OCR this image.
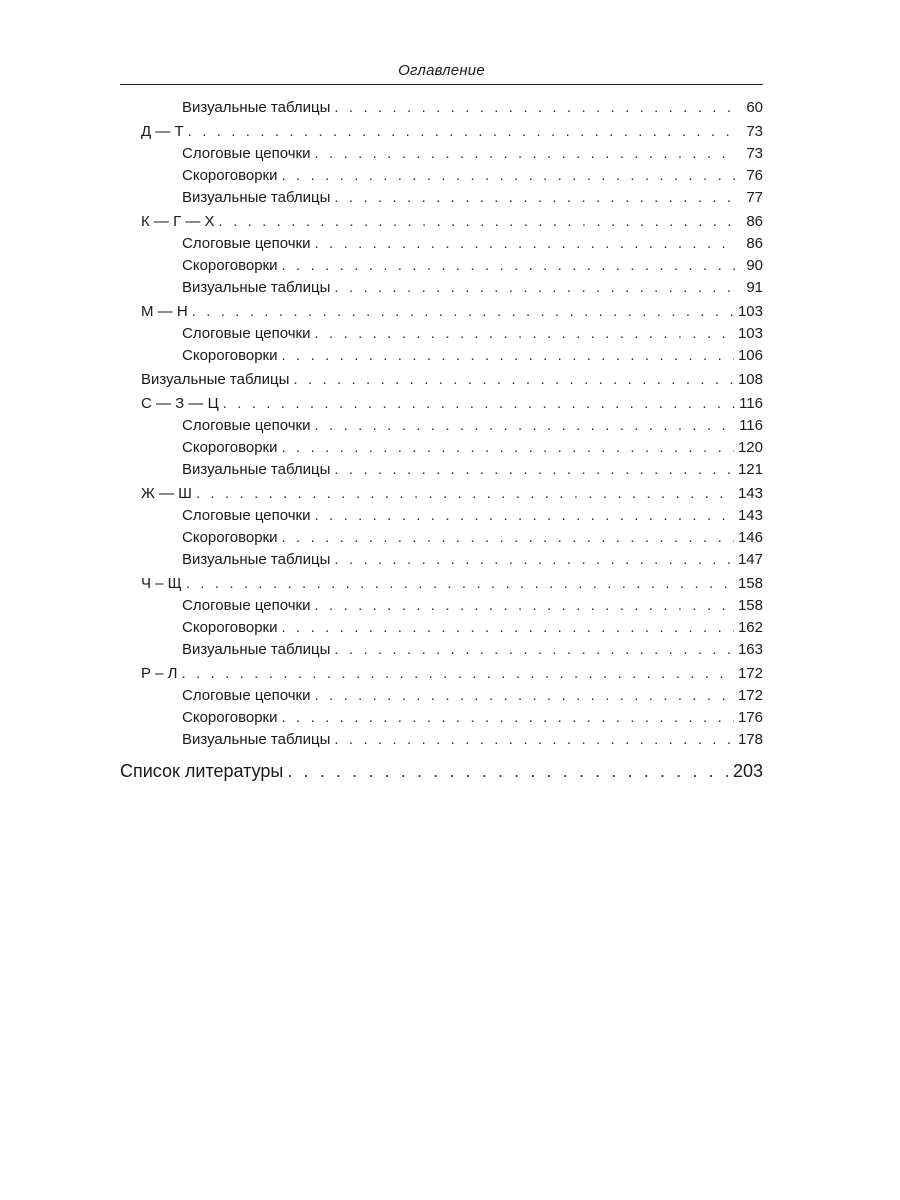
Оглавление
Визуальные таблицы . . .	60
Д — Т . . .	73
Слоговые цепочки . . .	73
Скороговорки . . .	76
Визуальные таблицы . . .	77
К — Г — Х . . .	86
Слоговые цепочки . . .	86
Скороговорки . . .	90
Визуальные таблицы . . .	91
М — Н . . .	103
Слоговые цепочки . . .	103
Скороговорки . . .	106
Визуальные таблицы . . .	108
С — З — Ц . . .	116
Слоговые цепочки . . .	116
Скороговорки . . .	120
Визуальные таблицы . . .	121
Ж — Ш . . .	143
Слоговые цепочки . . .	143
Скороговорки . . .	146
Визуальные таблицы . . .	147
Ч – Щ . . .	158
Слоговые цепочки . . .	158
Скороговорки . . .	162
Визуальные таблицы . . .	163
Р – Л . . .	172
Слоговые цепочки . . .	172
Скороговорки . . .	176
Визуальные таблицы . . .	178
Список литературы . . .	203
